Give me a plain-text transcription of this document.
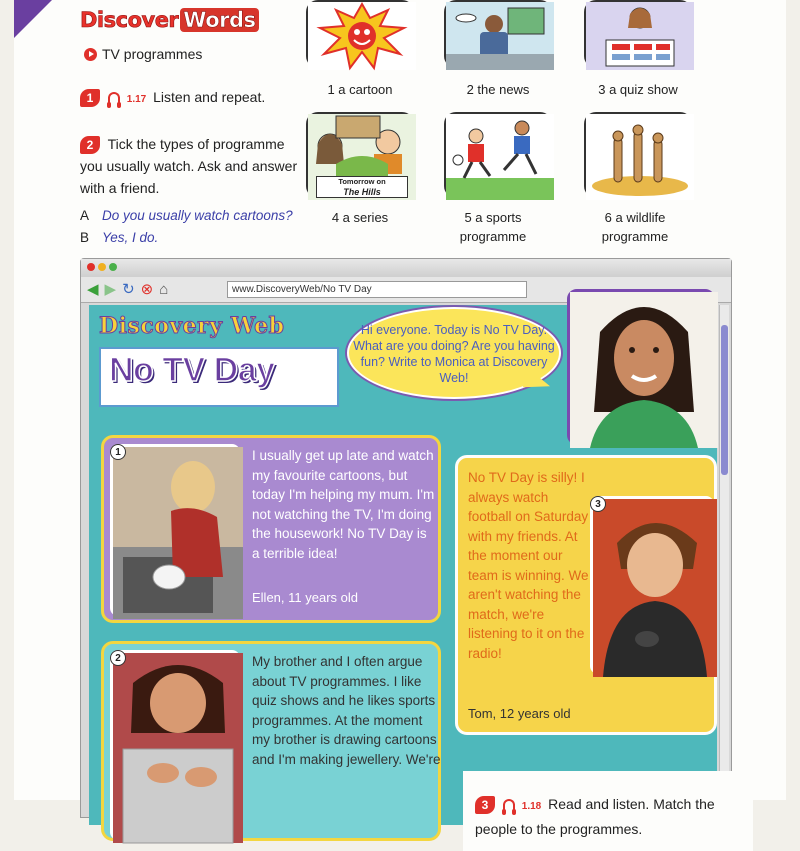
Discover Words
TV programmes
1	1.17 Listen and repeat.
2 Tick the types of programme you usually watch. Ask and answer with a friend.
A Do you usually watch cartoons?
B Yes, I do.
Tomorrow on
The Hills
1 a cartoon	2 the news	3 a quiz show
4 a series	5 a sports programme
6 a wildlife programme
◀ ▶ ↻ ⊗ ⌂	www.DiscoveryWeb/No TV Day
Discovery Web
No TV Day
Hi everyone. Today is No TV Day. What are you doing? Are you having fun? Write to Monica at Discovery Web!
1	I usually get up late and watch my favourite cartoons, but today I'm helping my mum. I'm not watching the TV, I'm doing the housework! No TV Day is a terrible idea!
Ellen, 11 years old
2	My brother and I often argue about TV programmes. I like quiz shows and he likes sports programmes. At the moment my brother is drawing cartoons and I'm making jewellery. We're
No TV Day is silly! I always watch football on Saturday with my friends. At the moment our team is winning. We aren't watching the match, we're listening to it on the radio!
Tom, 12 years old
3
3	1.18 Read and listen. Match the people to the programmes.
